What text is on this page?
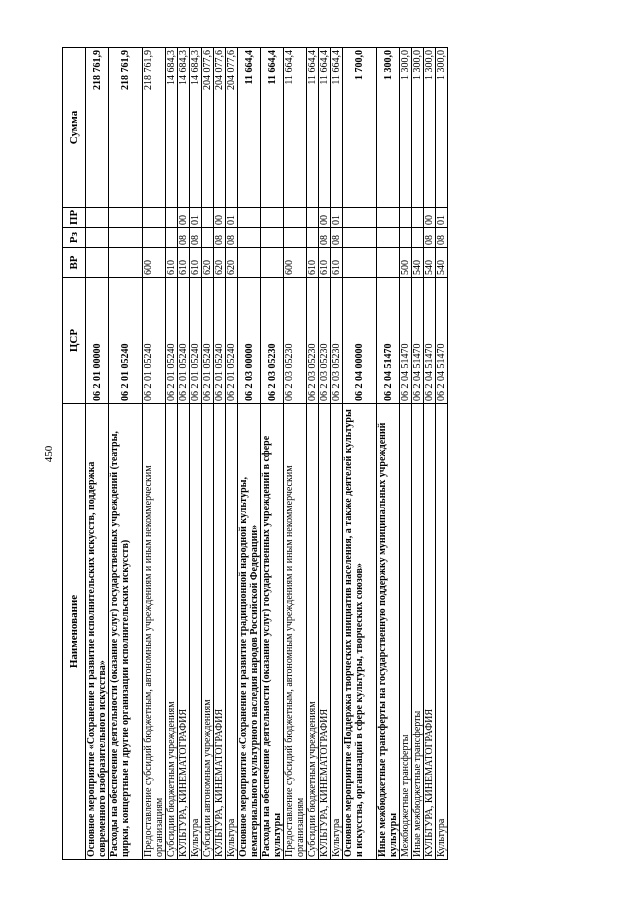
450
Наименование	ЦСР	ВР	Рз	ПР	Сумма
Основное мероприятие «Сохранение и развитие исполнительских искусств, поддержка современного изобразительного искусства»	06 2 01 00000				218 761,9
Расходы на обеспечение деятельности (оказание услуг) государственных учреждений (театры, цирки, концертные и другие организации исполнительских искусств)	06 2 01 05240				218 761,9
Предоставление субсидий бюджетным, автономным учреждениям и иным некоммерческим организациям	06 2 01 05240	600			218 761,9
Субсидии бюджетным учреждениям	06 2 01 05240	610			14 684,3
КУЛЬТУРА, КИНЕМАТОГРАФИЯ	06 2 01 05240	610	08	00	14 684,3
Культура	06 2 01 05240	610	08	01	14 684,3
Субсидии автономным учреждениям	06 2 01 05240	620			204 077,6
КУЛЬТУРА, КИНЕМАТОГРАФИЯ	06 2 01 05240	620	08	00	204 077,6
Культура	06 2 01 05240	620	08	01	204 077,6
Основное мероприятие «Сохранение и развитие традиционной народной культуры, нематериального культурного наследия народов Российской Федерации»	06 2 03 00000				11 664,4
Расходы на обеспечение деятельности (оказание услуг) государственных учреждений в сфере культуры	06 2 03 05230				11 664,4
Предоставление субсидий бюджетным, автономным учреждениям и иным некоммерческим организациям	06 2 03 05230	600			11 664,4
Субсидии бюджетным учреждениям	06 2 03 05230	610			11 664,4
КУЛЬТУРА, КИНЕМАТОГРАФИЯ	06 2 03 05230	610	08	00	11 664,4
Культура	06 2 03 05230	610	08	01	11 664,4
Основное мероприятие «Поддержка творческих инициатив населения, а также деятелей культуры и искусства, организаций в сфере культуры, творческих союзов»	06 2 04 00000				1 700,0
Иные межбюджетные трансферты на государственную поддержку муниципальных учреждений культуры	06 2 04 51470				1 300,0
Межбюджетные трансферты	06 2 04 51470	500			1 300,0
Иные межбюджетные трансферты	06 2 04 51470	540			1 300,0
КУЛЬТУРА, КИНЕМАТОГРАФИЯ	06 2 04 51470	540	08	00	1 300,0
Культура	06 2 04 51470	540	08	01	1 300,0
